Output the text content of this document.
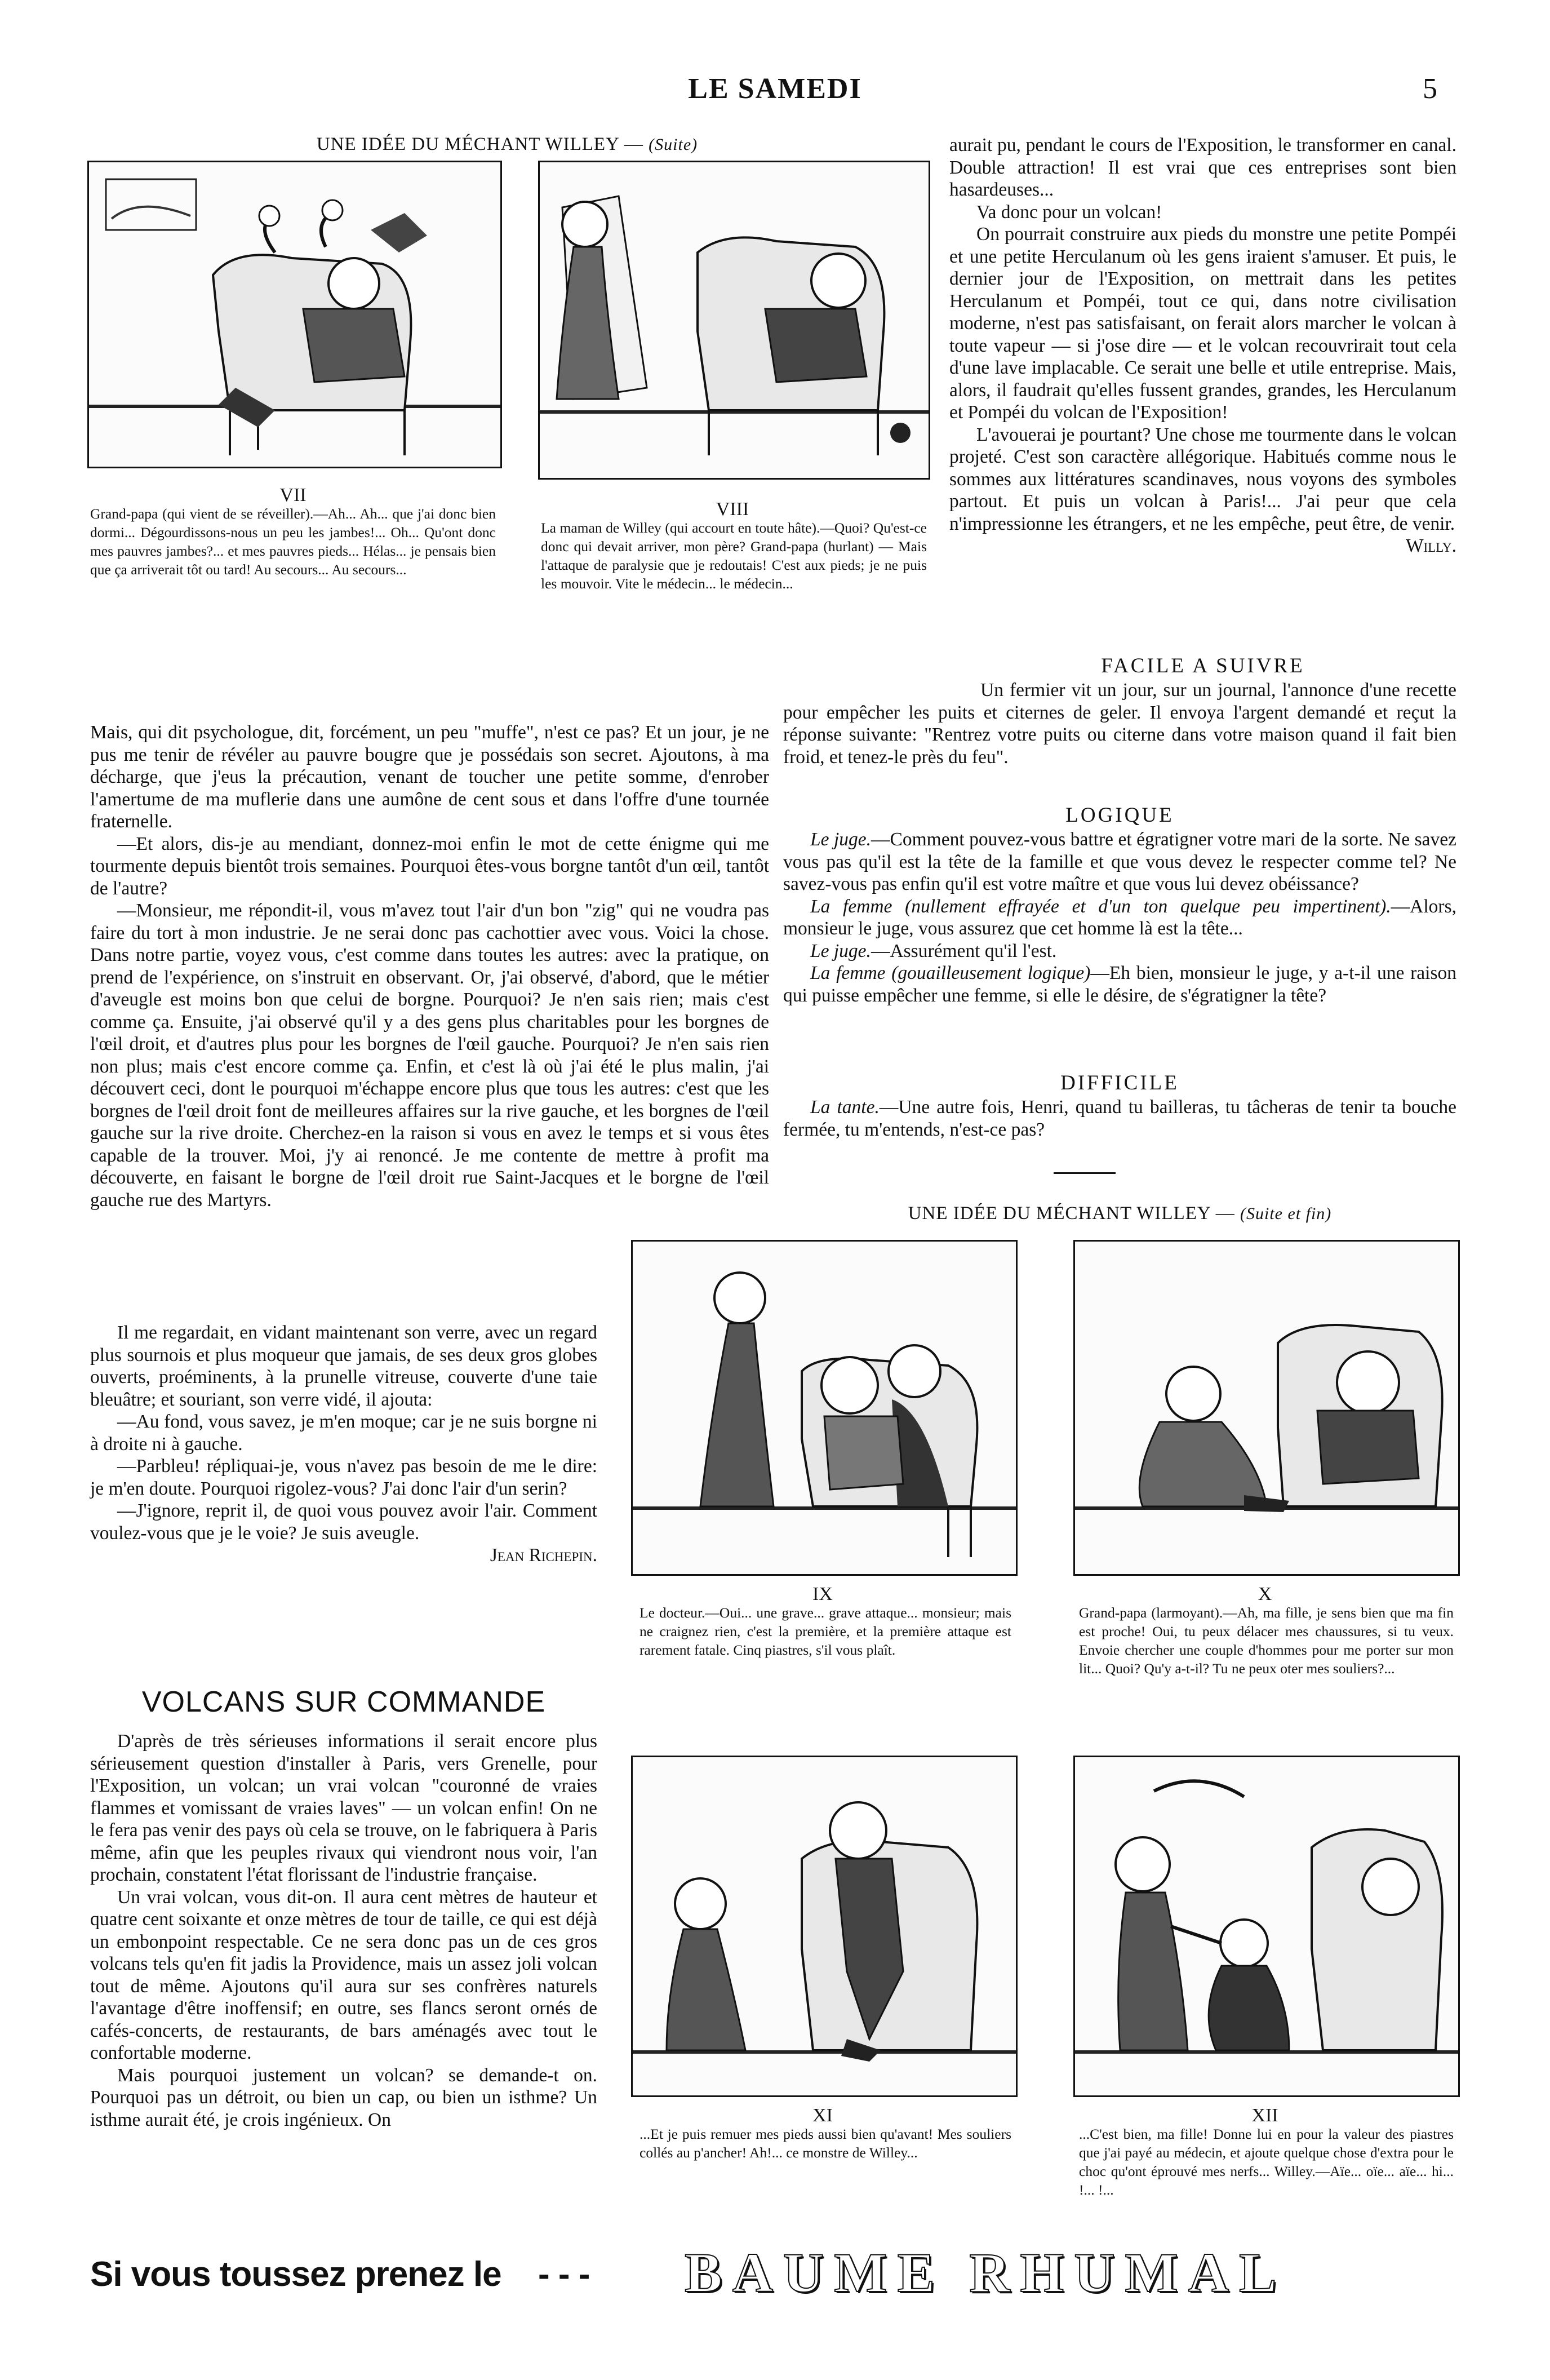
LE SAMEDI	5
UNE IDÉE DU MÉCHANT WILLEY — (Suite)
VII
Grand-papa (qui vient de se réveiller).—Ah... Ah... que j'ai donc bien dormi... Dégourdissons-nous un peu les jambes!... Oh... Qu'ont donc mes pauvres jambes?... et mes pauvres pieds... Hélas... je pensais bien que ça arriverait tôt ou tard! Au secours... Au secours...
VIII
La maman de Willey (qui accourt en toute hâte).—Quoi? Qu'est-ce donc qui devait arriver, mon père? Grand-papa (hurlant) — Mais l'attaque de paralysie que je redoutais! C'est aux pieds; je ne puis les mouvoir. Vite le médecin... le médecin...

Mais, qui dit psychologue, dit, forcément, un peu "muffe", n'est ce pas? Et un jour, je ne pus me tenir de révéler au pauvre bougre que je possédais son secret. Ajoutons, à ma décharge, que j'eus la précaution, venant de toucher une petite somme, d'enrober l'amertume de ma muflerie dans une aumône de cent sous et dans l'offre d'une tournée fraternelle.

—Et alors, dis-je au mendiant, donnez-moi enfin le mot de cette énigme qui me tourmente depuis bientôt trois semaines. Pourquoi êtes-vous borgne tantôt d'un œil, tantôt de l'autre?

—Monsieur, me répondit-il, vous m'avez tout l'air d'un bon "zig" qui ne voudra pas faire du tort à mon industrie. Je ne serai donc pas cachottier avec vous. Voici la chose. Dans notre partie, voyez vous, c'est comme dans toutes les autres: avec la pratique, on prend de l'expérience, on s'instruit en observant. Or, j'ai observé, d'abord, que le métier d'aveugle est moins bon que celui de borgne. Pourquoi? Je n'en sais rien; mais c'est comme ça. Ensuite, j'ai observé qu'il y a des gens plus charitables pour les borgnes de l'œil droit, et d'autres plus pour les borgnes de l'œil gauche. Pourquoi? Je n'en sais rien non plus; mais c'est encore comme ça. Enfin, et c'est là où j'ai été le plus malin, j'ai découvert ceci, dont le pourquoi m'échappe encore plus que tous les autres: c'est que les borgnes de l'œil droit font de meilleures affaires sur la rive gauche, et les borgnes de l'œil gauche sur la rive droite. Cherchez-en la raison si vous en avez le temps et si vous êtes capable de la trouver. Moi, j'y ai renoncé. Je me contente de mettre à profit ma découverte, en faisant le borgne de l'œil droit rue Saint-Jacques et le borgne de l'œil gauche rue des Martyrs.

Il me regardait, en vidant maintenant son verre, avec un regard plus sournois et plus moqueur que jamais, de ses deux gros globes ouverts, proéminents, à la prunelle vitreuse, couverte d'une taie bleuâtre; et souriant, son verre vidé, il ajouta:

—Au fond, vous savez, je m'en moque; car je ne suis borgne ni à droite ni à gauche.

—Parbleu! répliquai-je, vous n'avez pas besoin de me le dire: je m'en doute. Pourquoi rigolez-vous? J'ai donc l'air d'un serin?

—J'ignore, reprit il, de quoi vous pouvez avoir l'air. Comment voulez-vous que je le voie? Je suis aveugle.

Jean Richepin.

VOLCANS SUR COMMANDE

D'après de très sérieuses informations il serait encore plus sérieusement question d'installer à Paris, vers Grenelle, pour l'Exposition, un volcan; un vrai volcan "couronné de vraies flammes et vomissant de vraies laves" — un volcan enfin! On ne le fera pas venir des pays où cela se trouve, on le fabriquera à Paris même, afin que les peuples rivaux qui viendront nous voir, l'an prochain, constatent l'état florissant de l'industrie française.

Un vrai volcan, vous dit-on. Il aura cent mètres de hauteur et quatre cent soixante et onze mètres de tour de taille, ce qui est déjà un embonpoint respectable. Ce ne sera donc pas un de ces gros volcans tels qu'en fit jadis la Providence, mais un assez joli volcan tout de même. Ajoutons qu'il aura sur ses confrères naturels l'avantage d'être inoffensif; en outre, ses flancs seront ornés de cafés-concerts, de restaurants, de bars aménagés avec tout le confortable moderne.

Mais pourquoi justement un volcan? se demande-t on. Pourquoi pas un détroit, ou bien un cap, ou bien un isthme? Un isthme aurait été, je crois ingénieux. On

aurait pu, pendant le cours de l'Exposition, le transformer en canal. Double attraction! Il est vrai que ces entreprises sont bien hasardeuses...

Va donc pour un volcan!

On pourrait construire aux pieds du monstre une petite Pompéi et une petite Herculanum où les gens iraient s'amuser. Et puis, le dernier jour de l'Exposition, on mettrait dans les petites Herculanum et Pompéi, tout ce qui, dans notre civilisation moderne, n'est pas satisfaisant, on ferait alors marcher le volcan à toute vapeur — si j'ose dire — et le volcan recouvrirait tout cela d'une lave implacable. Ce serait une belle et utile entreprise. Mais, alors, il faudrait qu'elles fussent grandes, grandes, les Herculanum et Pompéi du volcan de l'Exposition!

L'avouerai je pourtant? Une chose me tourmente dans le volcan projeté. C'est son caractère allégorique. Habitués comme nous le sommes aux littératures scandinaves, nous voyons des symboles partout. Et puis un volcan à Paris!... J'ai peur que cela n'impressionne les étrangers, et ne les empêche, peut être, de venir.

Willy.

FACILE A SUIVRE

Un fermier vit un jour, sur un journal, l'annonce d'une recette pour empêcher les puits et citernes de geler. Il envoya l'argent demandé et reçut la réponse suivante: "Rentrez votre puits ou citerne dans votre maison quand il fait bien froid, et tenez-le près du feu".

LOGIQUE

Le juge.—Comment pouvez-vous battre et égratigner votre mari de la sorte. Ne savez vous pas qu'il est la tête de la famille et que vous devez le respecter comme tel? Ne savez-vous pas enfin qu'il est votre maître et que vous lui devez obéissance?

La femme (nullement effrayée et d'un ton quelque peu impertinent).—Alors, monsieur le juge, vous assurez que cet homme là est la tête...

Le juge.—Assurément qu'il l'est.

La femme (gouailleusement logique)—Eh bien, monsieur le juge, y a-t-il une raison qui puisse empêcher une femme, si elle le désire, de s'égratigner la tête?

DIFFICILE

La tante.—Une autre fois, Henri, quand tu bailleras, tu tâcheras de tenir ta bouche fermée, tu m'entends, n'est-ce pas?

UNE IDÉE DU MÉCHANT WILLEY — (Suite et fin)
IX
Le docteur.—Oui... une grave... grave attaque... monsieur; mais ne craignez rien, c'est la première, et la première attaque est rarement fatale. Cinq piastres, s'il vous plaît.
X
Grand-papa (larmoyant).—Ah, ma fille, je sens bien que ma fin est proche! Oui, tu peux délacer mes chaussures, si tu veux. Envoie chercher une couple d'hommes pour me porter sur mon lit... Quoi? Qu'y a-t-il? Tu ne peux oter mes souliers?...
XI
...Et je puis remuer mes pieds aussi bien qu'avant! Mes souliers collés au p'ancher! Ah!... ce monstre de Willey...
XII
...C'est bien, ma fille! Donne lui en pour la valeur des piastres que j'ai payé au médecin, et ajoute quelque chose d'extra pour le choc qu'ont éprouvé mes nerfs... Willey.—Aïe... oïe... aïe... hi... !... !...
Si vous toussez prenez le - - - BAUME RHUMAL
